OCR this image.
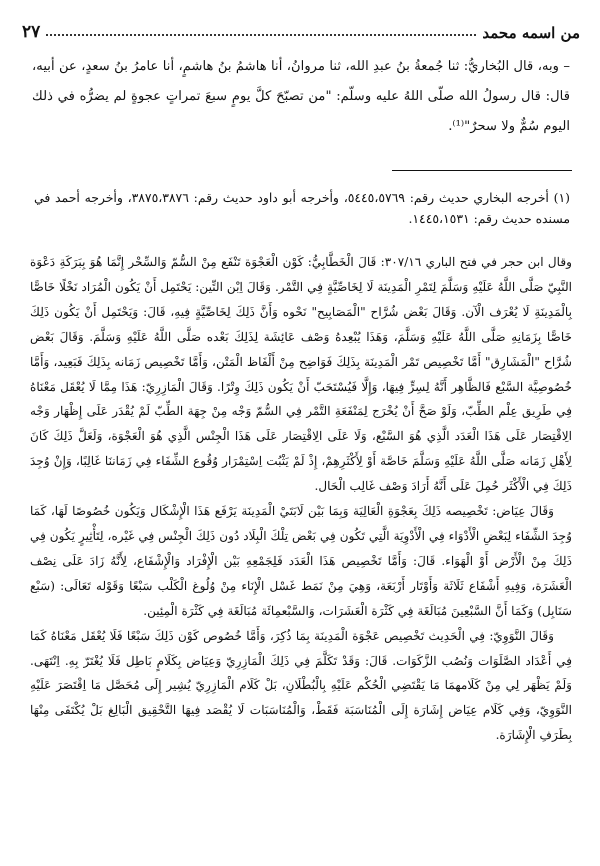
من اسمه محمد
٢٧

– وبه، قال البُخاريُّ: ثنا جُمعةُ بنُ عبدِ الله، ثنا مروانُ، أنا هاشمُ بنُ هاشمٍ، أنا عامرُ بنُ سعدٍ، عن أبيه، قال: قال رسولُ الله صلّى اللهُ عليه وسلّم: "من تصبّحَ كلَّ يومٍ سبعَ تمراتٍ عجوةٍ لم يضرُّه في ذلك اليوم سُمٌّ ولا سحرٌ"⁽¹⁾.

(١) أخرجه البخاري حديث رقم: ٥٤٤٥،٥٧٦٩، وأخرجه أبو داود حديث رقم: ٣٨٧٥،٣٨٧٦، وأخرجه أحمد في مسنده حديث رقم: ١٤٤٥،١٥٣١.

وقال ابن حجر في فتح الباري ٣٠٧/١٦: قَالَ الْخَطَّابِيُّ: كَوْن الْعَجْوَة تَنْفَع مِنْ السُّمّ وَالسِّحْر إِنَّمَا هُوَ بِبَرَكَةِ دَعْوَة النَّبِيّ صَلَّى اللَّهُ عَلَيْهِ وَسَلَّمَ لِتَمْرِ الْمَدِينَة لَا لِخَاصِّيَّةٍ فِي التَّمْر. وَقَالَ اِبْن التِّين: يَحْتَمِل أَنْ يَكُون الْمُرَاد نَخْلًا خَاصًّا بِالْمَدِينَةِ لَا يُعْرَف الْآن. وَقَالَ بَعْض شُرَّاح "الْمَصَابِيح" نَحْوه وَأَنَّ ذَلِكَ لِخَاصِّيَّةٍ فِيهِ، قَالَ: وَيَحْتَمِل أَنْ يَكُون ذَلِكَ خَاصًّا بِزَمَانِهِ صَلَّى اللَّهُ عَلَيْهِ وَسَلَّمَ، وَهَذَا يُبْعِدهُ وَصْف عَائِشَة لِذَلِكَ بَعْده صَلَّى اللَّهُ عَلَيْهِ وَسَلَّمَ. وَقَالَ بَعْض شُرَّاح "الْمَشَارِق" أَمَّا تَخْصِيص تَمْر الْمَدِينَة بِذَلِكَ فَوَاضِح مِنْ أَلْفَاظ الْمَتْن، وَأَمَّا تَخْصِيص زَمَانه بِذَلِكَ فَبَعِيد، وَأَمَّا خُصُوصِيَّة السَّبْع فَالظَّاهِر أَنَّهُ لِسِرٍّ فِيهَا، وَإِلَّا فَيُسْتَحَبّ أَنْ يَكُون ذَلِكَ وِتْرًا. وَقَالَ الْمَازِرِيّ: هَذَا مِمَّا لَا يُعْقَل مَعْنَاهُ فِي طَرِيق عِلْم الطِّبّ، وَلَوْ صَحَّ أَنْ يُخْرَج لِمَنْفَعَةِ التَّمْر فِي السُّمّ وَجْه مِنْ جِهَة الطِّبّ لَمْ يُقْدَر عَلَى إِظْهَار وَجْه الِاقْتِصَار عَلَى هَذَا الْعَدَد الَّذِي هُوَ السَّبْع، وَلَا عَلَى الِاقْتِصَار عَلَى هَذَا الْجِنْس الَّذِي هُوَ الْعَجْوَة، وَلَعَلَّ ذَلِكَ كَانَ لِأَهْلِ زَمَانه صَلَّى اللَّهُ عَلَيْهِ وَسَلَّمَ خَاصَّة أَوْ لِأَكْثَرِهِمْ، إِذْ لَمْ يَثْبُت اِسْتِمْرَار وُقُوع الشِّفَاء فِي زَمَاننَا غَالِبًا، وَإِنْ وُجِدَ ذَلِكَ فِي الْأَكْثَر حُمِلَ عَلَى أَنَّهُ أَرَادَ وَصْف غَالِب الْحَال.

وَقَالَ عِيَاض: تَخْصِيصه ذَلِكَ بِعَجْوَةِ الْعَالِيَة وَبِمَا بَيْن لَابَتَيْ الْمَدِينَة يَرْفَع هَذَا الْإِشْكَال وَيَكُون خُصُوصًا لَهَا، كَمَا وُجِدَ الشِّفَاء لِبَعْضِ الْأَدْوَاء فِي الْأَدْوِيَة الَّتِي تَكُون فِي بَعْض تِلْكَ الْبِلَاد دُون ذَلِكَ الْجِنْس فِي غَيْره، لِتَأْثِيرٍ يَكُون فِي ذَلِكَ مِنْ الْأَرْض أَوْ الْهَوَاء. قَالَ: وَأَمَّا تَخْصِيص هَذَا الْعَدَد فَلِجَمْعِهِ بَيْن الْإِفْرَاد وَالْإِشْفَاع، لِأَنَّهُ زَادَ عَلَى نِصْف الْعَشَرَة، وَفِيهِ أَشْفَاع ثَلَاثَة وَأَوْتَار أَرْبَعَة، وَهِيَ مِنْ نَمَط غَسْل الْإِنَاء مِنْ وُلُوغ الْكَلْب سَبْعًا وَقَوْله تَعَالَى: (سَبْع سَنَابِل) وَكَمَا أَنَّ السَّبْعِينَ مُبَالَغَة فِي كَثْرَة الْعَشَرَات، وَالسَّبْعمِائَة مُبَالَغَة فِي كَثْرَة الْمِئِين.

وَقَالَ النَّوَوِيّ: فِي الْحَدِيث تَخْصِيص عَجْوَة الْمَدِينَة بِمَا ذُكِرَ، وَأَمَّا خُصُوص كَوْن ذَلِكَ سَبْعًا فَلَا يُعْقَل مَعْنَاهُ كَمَا فِي أَعْدَاد الصَّلَوَات وَنُصُب الزَّكَوَات. قَالَ: وَقَدْ تَكَلَّمَ فِي ذَلِكَ الْمَازِرِيّ وَعِيَاض بِكَلَامٍ بَاطِل فَلَا يُغْتَرّ بِهِ. اِنْتَهَى. وَلَمْ يَظْهَر لِي مِنْ كَلَامهمَا مَا يَقْتَضِي الْحُكْم عَلَيْهِ بِالْبُطْلَانِ، بَلْ كَلَام الْمَازِرِيّ يُشِير إِلَى مُحَصَّل مَا اِقْتَصَرَ عَلَيْهِ النَّوَوِيّ، وَفِي كَلَام عِيَاض إِشَارَة إِلَى الْمُنَاسَبَة فَقَطْ، وَالْمُنَاسَبَات لَا يُقْصَد فِيهَا التَّحْقِيق الْبَالِغ بَلْ يُكْتَفَى مِنْهَا بِطَرَفِ الْإِشَارَة.
